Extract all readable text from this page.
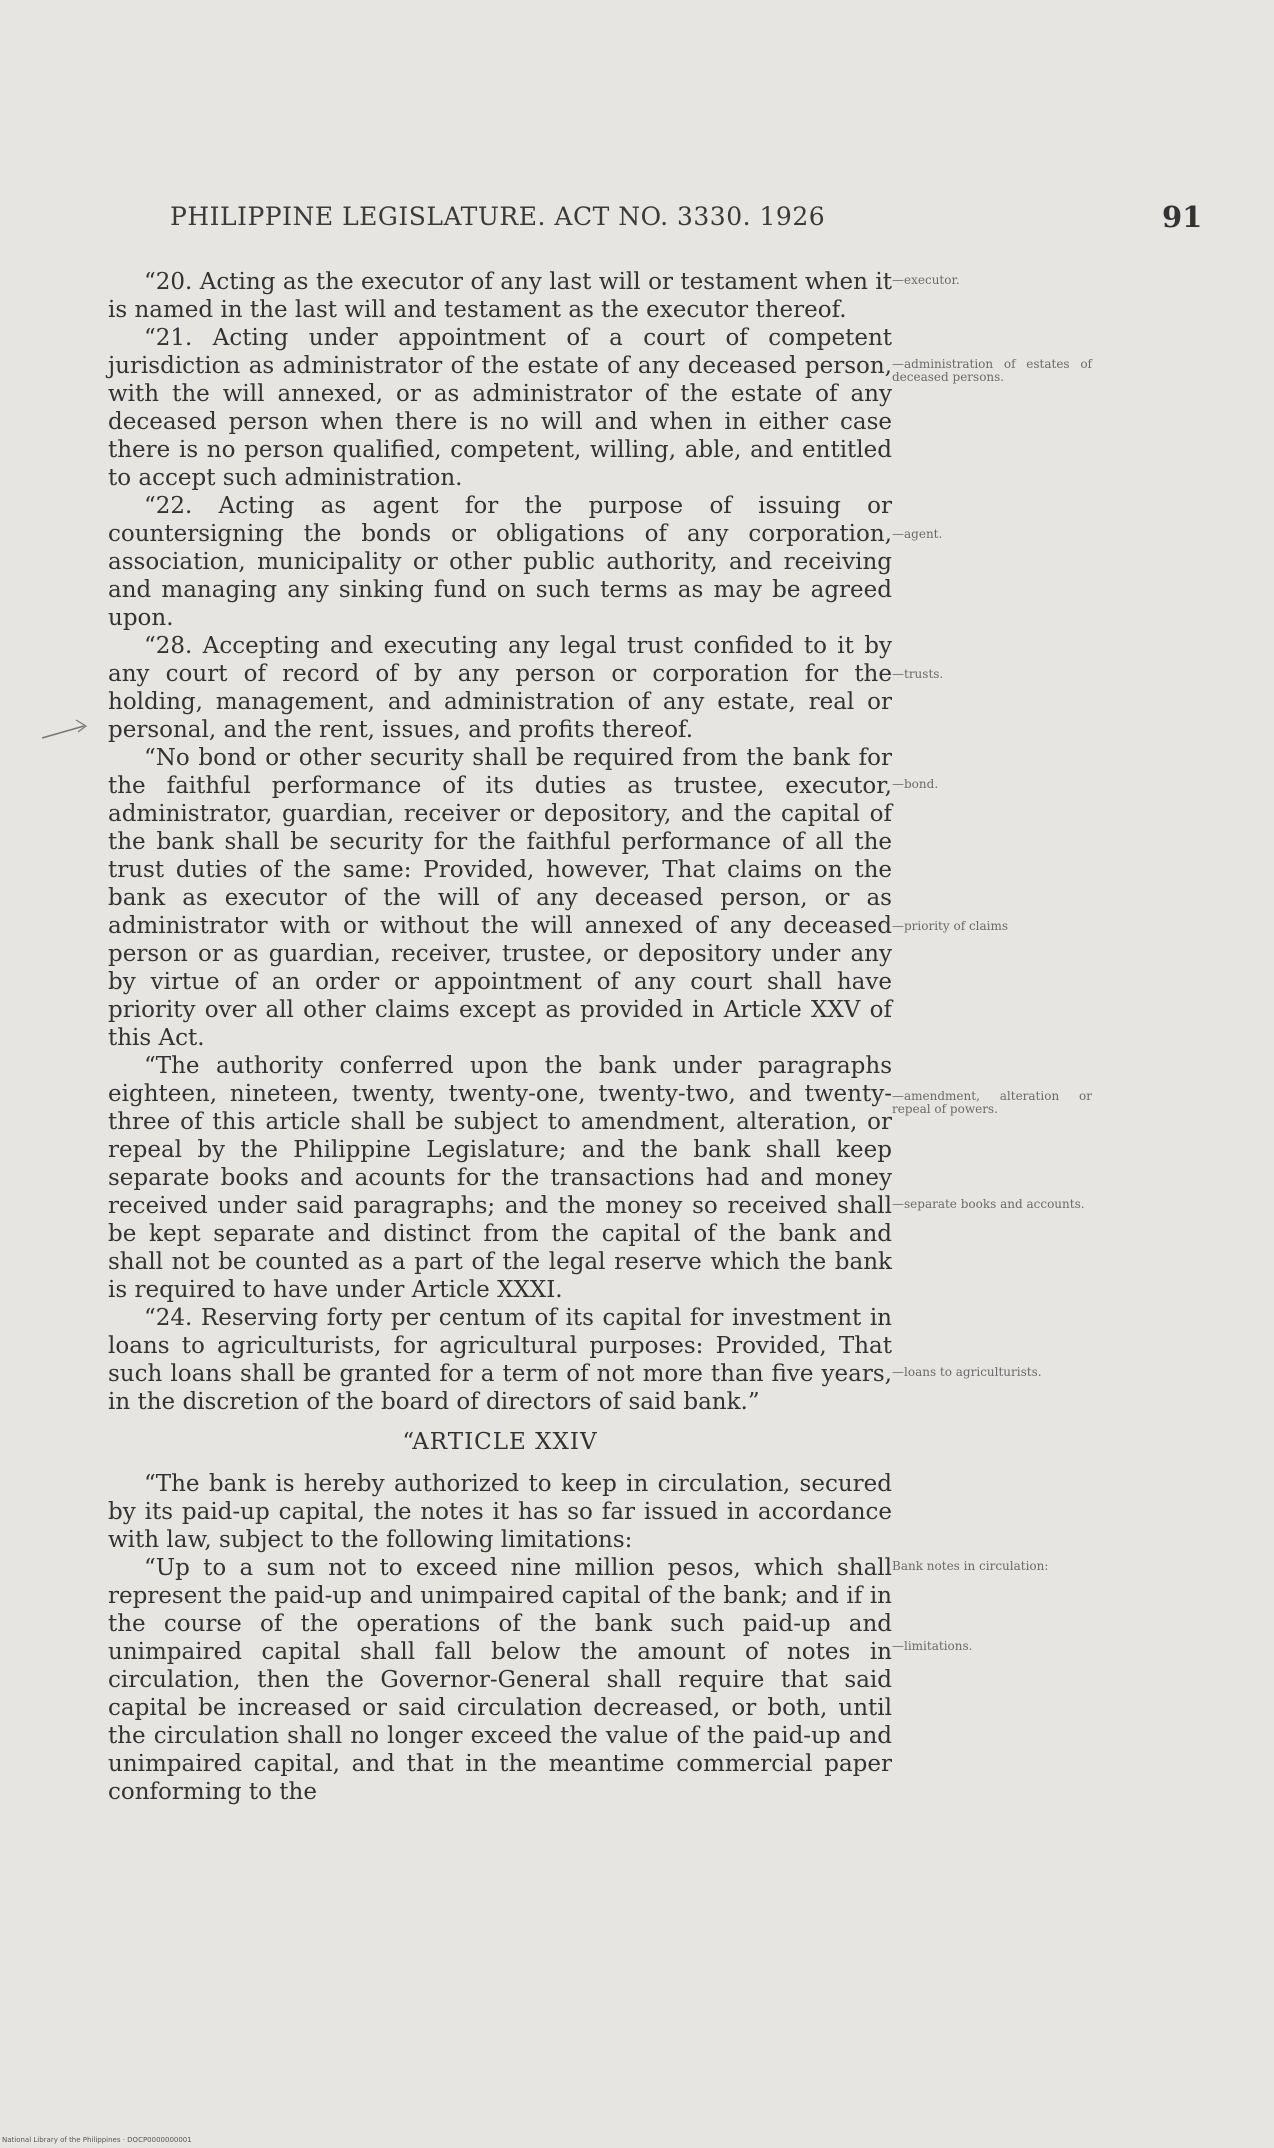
PHILIPPINE LEGISLATURE. ACT NO. 3330. 1926	91

“20. Acting as the executor of any last will or testament when it is named in the last will and testament as the executor thereof.

“21. Acting under appointment of a court of competent jurisdiction as administrator of the estate of any deceased person, with the will annexed, or as administrator of the estate of any deceased person when there is no will and when in either case there is no person qualified, competent, willing, able, and entitled to accept such administration.

“22. Acting as agent for the purpose of issuing or countersigning the bonds or obligations of any corporation, association, municipality or other public authority, and receiving and managing any sinking fund on such terms as may be agreed upon.

“28. Accepting and executing any legal trust confided to it by any court of record of by any person or corporation for the holding, management, and administration of any estate, real or personal, and the rent, issues, and profits thereof.

“No bond or other security shall be required from the bank for the faithful performance of its duties as trustee, executor, administrator, guardian, receiver or depository, and the capital of the bank shall be security for the faithful performance of all the trust duties of the same: Provided, however, That claims on the bank as executor of the will of any deceased person, or as administrator with or without the will annexed of any deceased person or as guardian, receiver, trustee, or depository under any by virtue of an order or appointment of any court shall have priority over all other claims except as provided in Article XXV of this Act.

“The authority conferred upon the bank under paragraphs eighteen, nineteen, twenty, twenty-one, twenty-two, and twenty-three of this article shall be subject to amendment, alteration, or repeal by the Philippine Legislature; and the bank shall keep separate books and acounts for the transactions had and money received under said paragraphs; and the money so received shall be kept separate and distinct from the capital of the bank and shall not be counted as a part of the legal reserve which the bank is required to have under Article XXXI.

“24. Reserving forty per centum of its capital for investment in loans to agriculturists, for agricultural purposes: Provided, That such loans shall be granted for a term of not more than five years, in the discretion of the board of directors of said bank.”

“ARTICLE XXIV

“The bank is hereby authorized to keep in circulation, secured by its paid-up capital, the notes it has so far issued in accordance with law, subject to the following limitations:

“Up to a sum not to exceed nine million pesos, which shall represent the paid-up and unimpaired capital of the bank; and if in the course of the operations of the bank such paid-up and unimpaired capital shall fall below the amount of notes in circulation, then the Governor-General shall require that said capital be increased or said circulation decreased, or both, until the circulation shall no longer exceed the value of the paid-up and unimpaired capital, and that in the meantime commercial paper conforming to the

—executor.
—administration of estates of deceased persons.
—agent.
—trusts.
—bond.
—priority of claims
—amendment, alteration or repeal of powers.
—separate books and accounts.
—loans to agriculturists.
Bank notes in circulation:
—limitations.
National Library of the Philippines · DOCP0000000001
